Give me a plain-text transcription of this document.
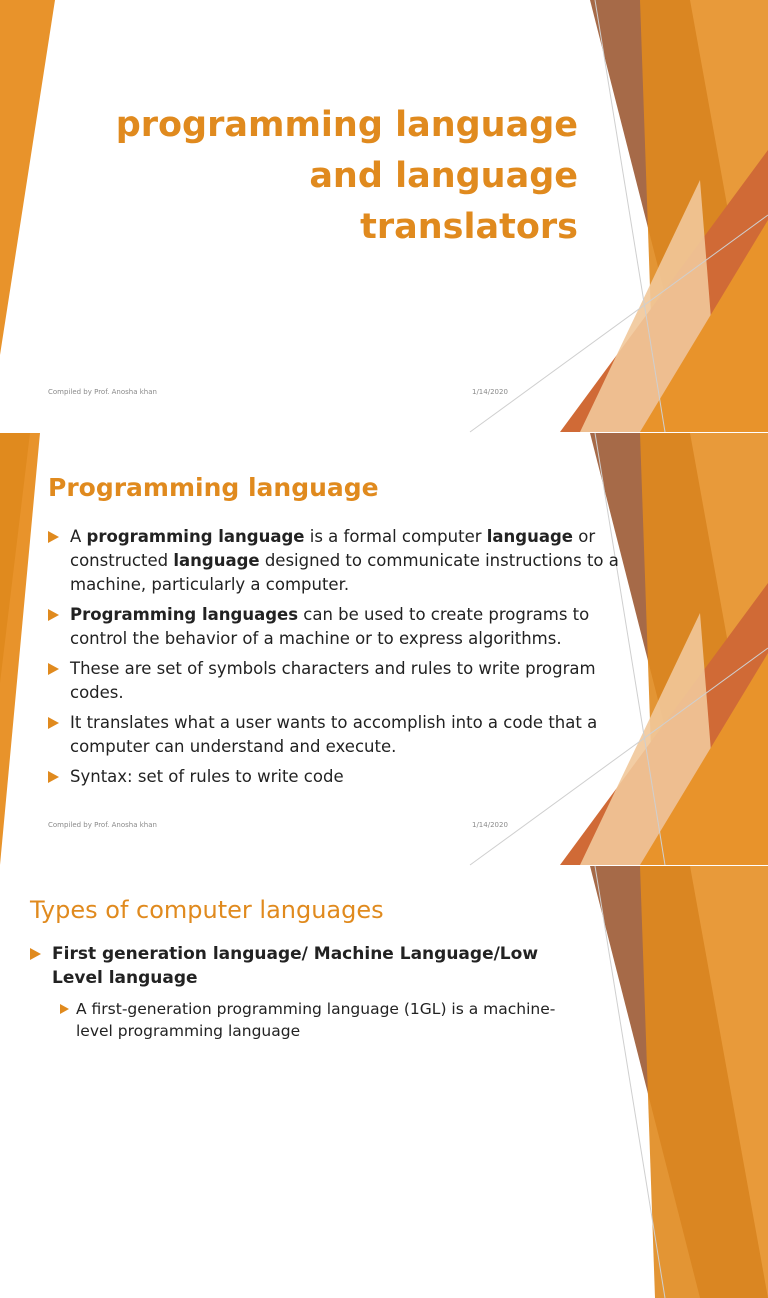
programming language and language translators
Compiled by Prof. Anosha khan	1/14/2020
Programming language
A programming language is a formal computer language or constructed language designed to communicate instructions to a machine, particularly a computer.
Programming languages can be used to create programs to control the behavior of a machine or to express algorithms.
These are set of symbols characters and rules to write program codes.
It translates what a user wants to accomplish into a code that a computer can understand and execute.
Syntax: set of rules to write code
Compiled by Prof. Anosha khan	1/14/2020
Types of computer languages
First generation language/ Machine Language/Low Level language
A first-generation programming language (1GL) is a machine-level programming language
